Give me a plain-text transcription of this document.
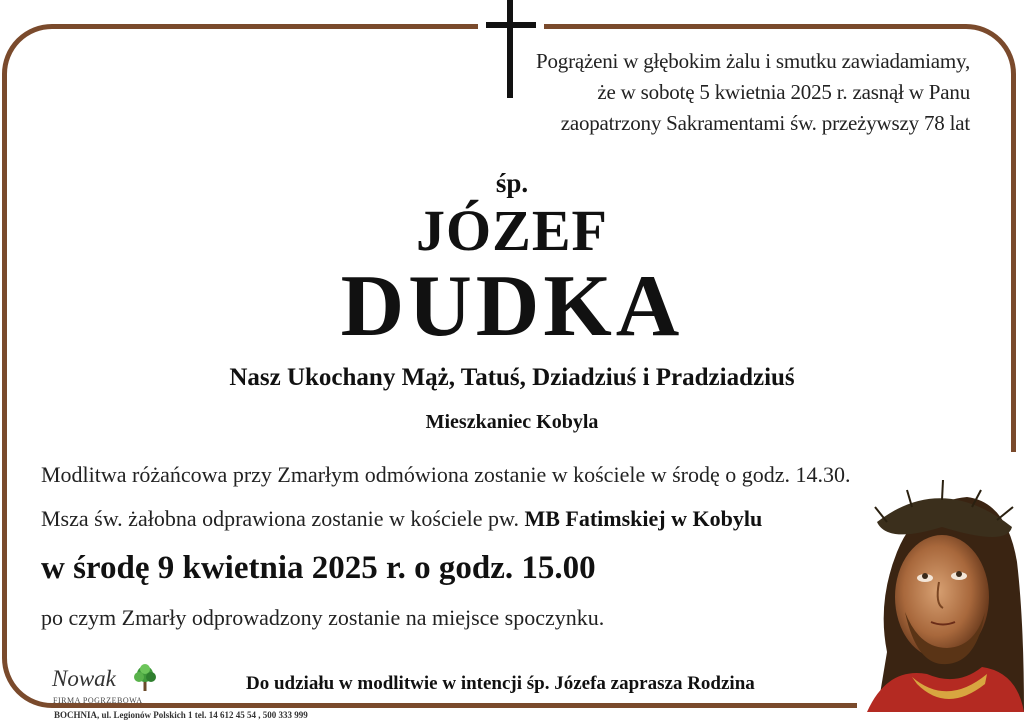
Pogrążeni w głębokim żalu i smutku zawiadamiamy,
że w sobotę 5 kwietnia 2025 r. zasnął w Panu
zaopatrzony Sakramentami św. przeżywszy 78 lat
śp.
JÓZEF
DUDKA
Nasz Ukochany Mąż, Tatuś, Dziadziuś i Pradziadziuś
Mieszkaniec Kobyla
Modlitwa różańcowa przy Zmarłym odmówiona zostanie w kościele w środę o godz. 14.30.
Msza św. żałobna odprawiona zostanie w kościele pw. MB Fatimskiej w Kobylu
w środę 9 kwietnia 2025 r. o godz. 15.00
po czym Zmarły odprowadzony zostanie na miejsce spoczynku.
Do udziału w modlitwie w intencji śp. Józefa zaprasza Rodzina
Nowak
FIRMA POGRZEBOWA
BOCHNIA, ul. Legionów Polskich 1 tel. 14 612 45 54 , 500 333 999
